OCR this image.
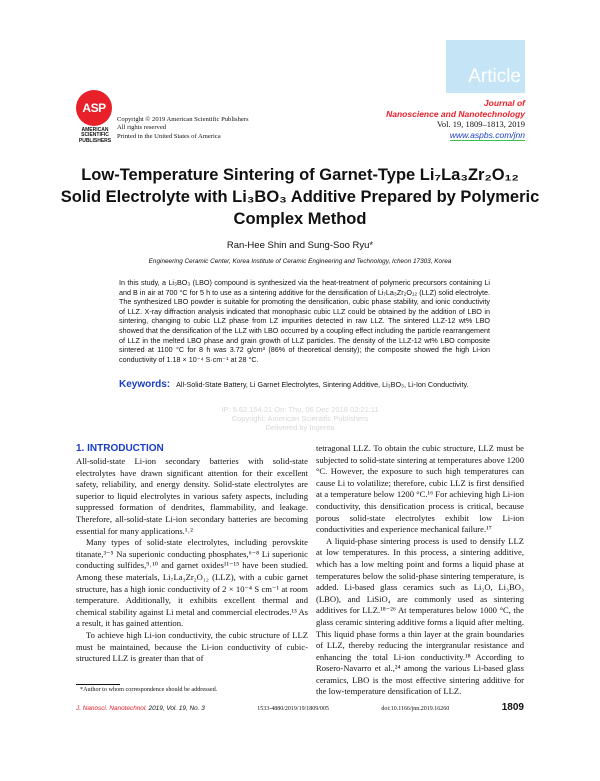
Article
ASP
AMERICAN
SCIENTIFIC
PUBLISHERS
Copyright © 2019 American Scientific Publishers
All rights reserved
Printed in the United States of America
Journal of
Nanoscience and Nanotechnology
Vol. 19, 1809–1813, 2019
www.aspbs.com/jnn
Low-Temperature Sintering of Garnet-Type Li₇La₃Zr₂O₁₂ Solid Electrolyte with Li₃BO₃ Additive Prepared by Polymeric Complex Method
Ran-Hee Shin and Sung-Soo Ryu*
Engineering Ceramic Center, Korea Institute of Ceramic Engineering and Technology, Icheon 17303, Korea
In this study, a Li₃BO₃ (LBO) compound is synthesized via the heat-treatment of polymeric precursors containing Li and B in air at 700 °C for 5 h to use as a sintering additive for the densification of Li₇La₃Zr₂O₁₂ (LLZ) solid electrolyte. The synthesized LBO powder is suitable for promoting the densification, cubic phase stability, and ionic conductivity of LLZ. X-ray diffraction analysis indicated that monophasic cubic LLZ could be obtained by the addition of LBO in sintering, changing to cubic LLZ phase from LZ impurities detected in raw LLZ. The sintered LLZ-12 wt% LBO showed that the densification of the LLZ with LBO occurred by a coupling effect including the particle rearrangement of LLZ in the melted LBO phase and grain growth of LLZ particles. The density of the LLZ-12 wt% LBO composite sintered at 1100 °C for 8 h was 3.72 g/cm³ (86% of theoretical density); the composite showed the high Li-ion conductivity of 1.18 × 10⁻⁴ S·cm⁻¹ at 28 °C.
Keywords: All-Solid-State Battery, Li Garnet Electrolytes, Sintering Additive, Li₃BO₃, Li-Ion Conductivity.
IP: 5.62.154.21 On: Thu, 06 Dec 2018 02:21:11
Copyright: American Scientific Publishers
Delivered by Ingenta
1. INTRODUCTION

All-solid-state Li-ion secondary batteries with solid-state electrolytes have drawn significant attention for their excellent safety, reliability, and energy density. Solid-state electrolytes are superior to liquid electrolytes in various safety aspects, including suppressed formation of dendrites, flammability, and leakage. Therefore, all-solid-state Li-ion secondary batteries are becoming essential for many applications.¹˒²

Many types of solid-state electrolytes, including perovskite titanate,³⁻⁵ Na superionic conducting phosphates,⁶⁻⁸ Li superionic conducting sulfides,⁹˒¹⁰ and garnet oxides¹¹⁻¹⁵ have been studied. Among these materials, Li₇La₃Zr₂O₁₂ (LLZ), with a cubic garnet structure, has a high ionic conductivity of 2 × 10⁻⁴ S cm⁻¹ at room temperature. Additionally, it exhibits excellent thermal and chemical stability against Li metal and commercial electrodes.¹³ As a result, it has gained attention.

To achieve high Li-ion conductivity, the cubic structure of LLZ must be maintained, because the Li-ion conductivity of cubic-structured LLZ is greater than that of

tetragonal LLZ. To obtain the cubic structure, LLZ must be subjected to solid-state sintering at temperatures above 1200 °C. However, the exposure to such high temperatures can cause Li to volatilize; therefore, cubic LLZ is first densified at a temperature below 1200 °C.¹⁶ For achieving high Li-ion conductivity, this densification process is critical, because porous solid-state electrolytes exhibit low Li-ion conductivities and experience mechanical failure.¹⁷

A liquid-phase sintering process is used to densify LLZ at low temperatures. In this process, a sintering additive, which has a low melting point and forms a liquid phase at temperatures below the solid-phase sintering temperature, is added. Li-based glass ceramics such as Li₂O, Li₃BO₃ (LBO), and LiSiO₄ are commonly used as sintering additives for LLZ.¹⁸⁻²⁶ At temperatures below 1000 °C, the glass ceramic sintering additive forms a liquid after melting. This liquid phase forms a thin layer at the grain boundaries of LLZ, thereby reducing the intergranular resistance and enhancing the total Li-ion conductivity.¹⁸ According to Rosero-Navarro et al.,²⁴ among the various Li-based glass ceramics, LBO is the most effective sintering additive for the low-temperature densification of LLZ.

*Author to whom correspondence should be addressed.
J. Nanosci. Nanotechnol. 2019, Vol. 19, No. 3	1533-4880/2019/19/1809/005	doi:10.1166/jnn.2019.16260	1809
